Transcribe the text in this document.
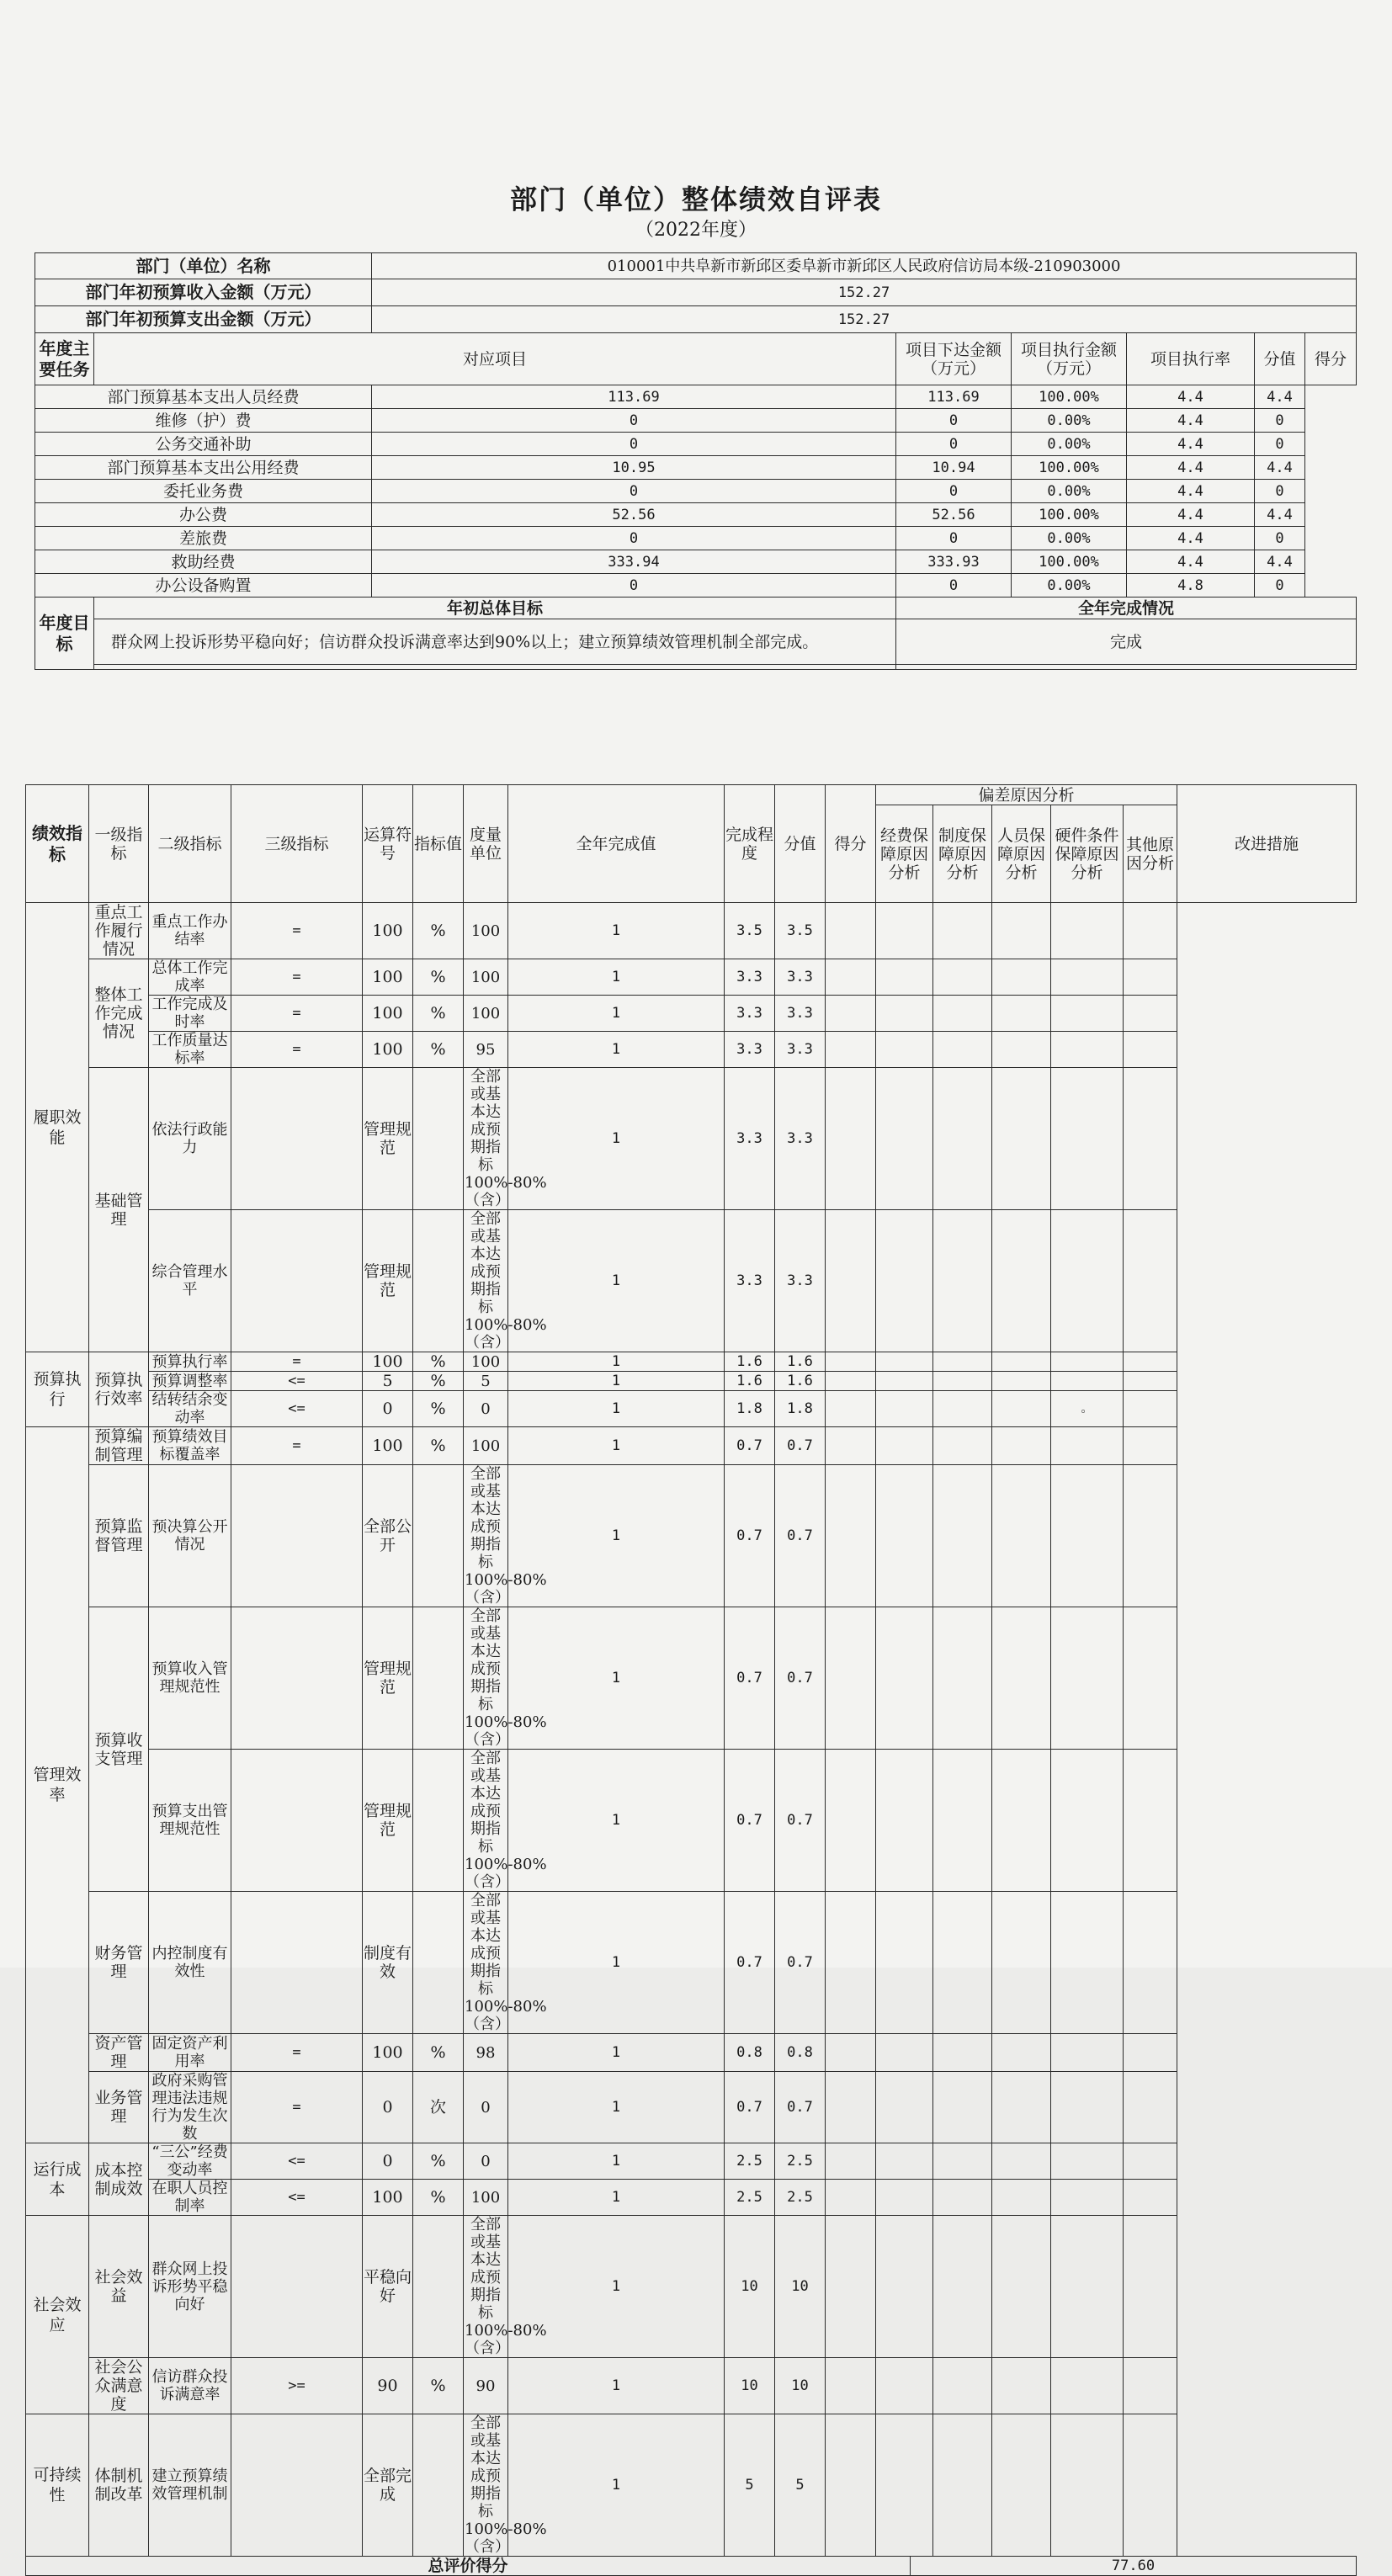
部门（单位）整体绩效自评表
（2022年度）
部门（单位）名称		010001中共阜新市新邱区委阜新市新邱区人民政府信访局本级-210903000					
部门年初预算收入金额（万元）		152.27					
部门年初预算支出金额（万元）		152.27					
年度主要任务	对应项目		项目下达金额（万元）	项目执行金额（万元）	项目执行率	分值	得分
部门预算基本支出人员经费		113.69	113.69	100.00%	4.4	4.4	
维修（护）费		0	0	0.00%	4.4	0	
公务交通补助		0	0	0.00%	4.4	0	
部门预算基本支出公用经费		10.95	10.94	100.00%	4.4	4.4	
委托业务费		0	0	0.00%	4.4	0	
办公费		52.56	52.56	100.00%	4.4	4.4	
差旅费		0	0	0.00%	4.4	0	
救助经费		333.94	333.93	100.00%	4.4	4.4	
办公设备购置		0	0	0.00%	4.8	0	
年度目标	年初总体目标		全年完成情况				
	群众网上投诉形势平稳向好；信访群众投诉满意率达到90%以上；建立预算绩效管理机制全部完成。		完成				

绩效指标	一级指标	二级指标	三级指标	运算符号	指标值	度量单位	全年完成值	完成程度	分值	得分	偏差原因分析					改进措施
											经费保障原因分析	制度保障原因分析	人员保障原因分析	硬件条件保障原因分析	其他原因分析	
履职效能	重点工作履行情况	重点工作办结率	=	100	%	100	1	3.5	3.5							
	整体工作完成情况	总体工作完成率	=	100	%	100	1	3.3	3.3							
		工作完成及时率	=	100	%	100	1	3.3	3.3							
		工作质量达标率	=	100	%	95	1	3.3	3.3							
	基础管理	依法行政能力		管理规范		全部或基本达成预期指标100%-80%（含）	1	3.3	3.3							
		综合管理水平		管理规范		全部或基本达成预期指标100%-80%（含）	1	3.3	3.3							
预算执行	预算执行效率	预算执行率	=	100	%	100	1	1.6	1.6							
		预算调整率	<=	5	%	5	1	1.6	1.6							
		结转结余变动率	<=	0	%	0	1	1.8	1.8					。		
管理效率	预算编制管理	预算绩效目标覆盖率	=	100	%	100	1	0.7	0.7							
	预算监督管理	预决算公开情况		全部公开		全部或基本达成预期指标100%-80%（含）	1	0.7	0.7							
	预算收支管理	预算收入管理规范性		管理规范		全部或基本达成预期指标100%-80%（含）	1	0.7	0.7							
		预算支出管理规范性		管理规范		全部或基本达成预期指标100%-80%（含）	1	0.7	0.7							
	财务管理	内控制度有效性		制度有效		全部或基本达成预期指标100%-80%（含）	1	0.7	0.7							
	资产管理	固定资产利用率	=	100	%	98	1	0.8	0.8							
	业务管理	政府采购管理违法违规行为发生次数	=	0	次	0	1	0.7	0.7							
运行成本	成本控制成效	“三公”经费变动率	<=	0	%	0	1	2.5	2.5							
		在职人员控制率	<=	100	%	100	1	2.5	2.5							
社会效应	社会效益	群众网上投诉形势平稳向好		平稳向好		全部或基本达成预期指标100%-80%（含）	1	10	10							
	社会公众满意度	信访群众投诉满意率	>=	90	%	90	1	10	10							
可持续性	体制机制改革	建立预算绩效管理机制		全部完成		全部或基本达成预期指标100%-80%（含）	1	5	5							
总评价得分	77.60
